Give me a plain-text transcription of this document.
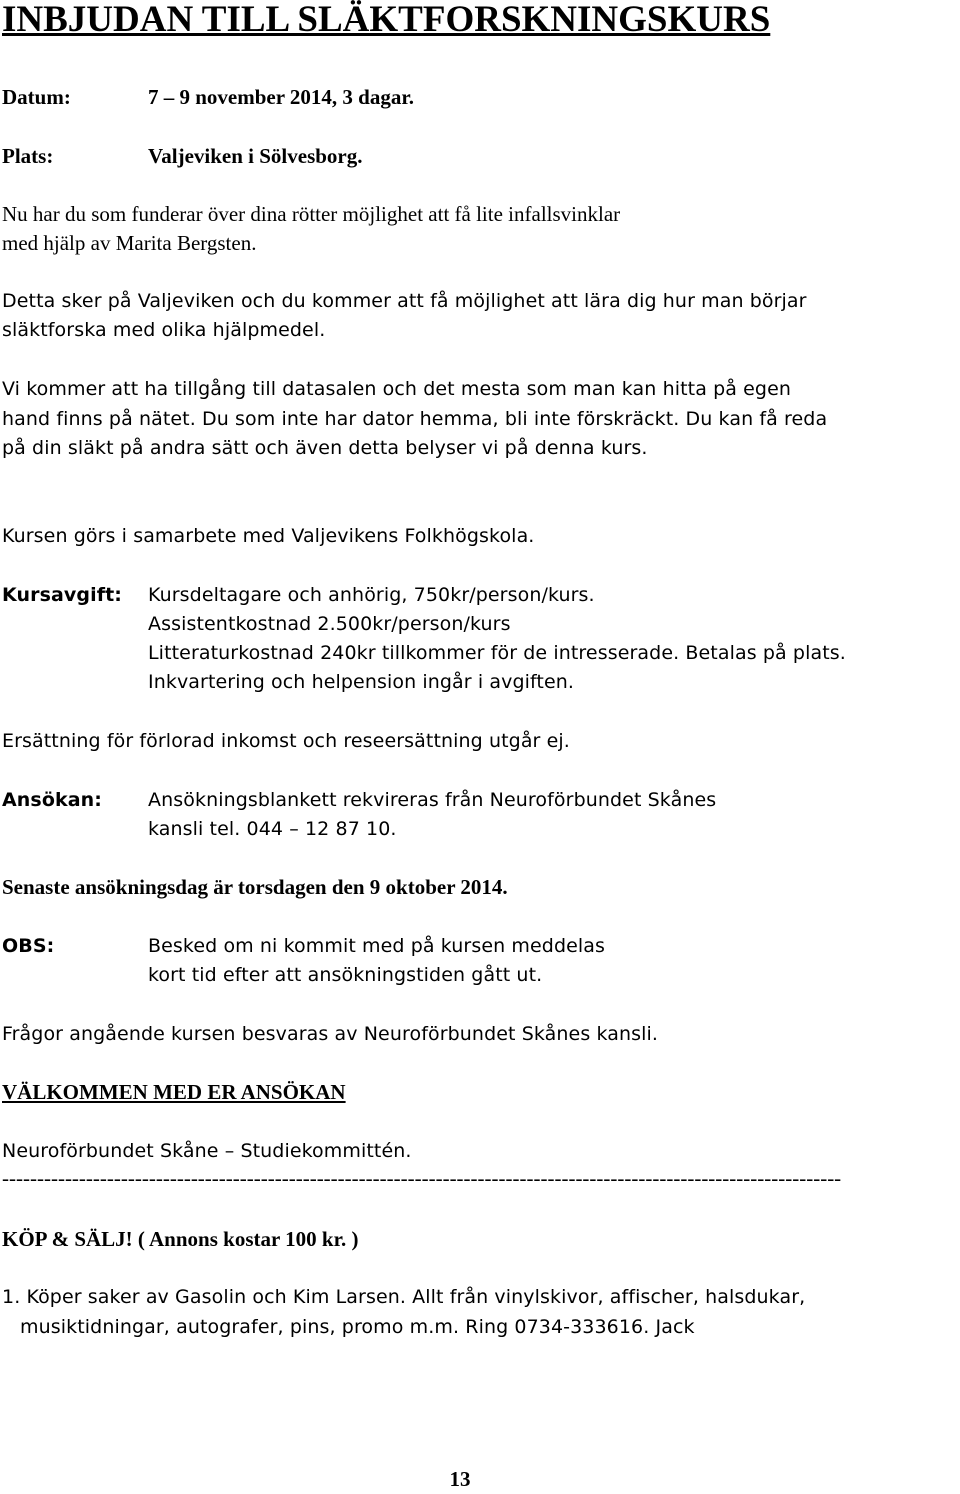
INBJUDAN TILL SLÄKTFORSKNINGSKURS
Datum:	7 – 9 november 2014, 3 dagar.
Plats:	Valjeviken i Sölvesborg.
Nu har du som funderar över dina rötter möjlighet att få lite infallsvinklar
med hjälp av Marita Bergsten.
Detta sker på Valjeviken och du kommer att få möjlighet att lära dig hur man börjar
släktforska med olika hjälpmedel.
Vi kommer att ha tillgång till datasalen och det mesta som man kan hitta på egen
hand finns på nätet. Du som inte har dator hemma, bli inte förskräckt. Du kan få reda
på din släkt på andra sätt och även detta belyser vi på denna kurs.
Kursen görs i samarbete med Valjevikens Folkhögskola.
Kursavgift: Kursdeltagare och anhörig, 750kr/person/kurs.
Assistentkostnad 2.500kr/person/kurs
Litteraturkostnad 240kr tillkommer för de intresserade. Betalas på plats.
Inkvartering och helpension ingår i avgiften.
Ersättning för förlorad inkomst och reseersättning utgår ej.
Ansökan: Ansökningsblankett rekvireras från Neuroförbundet Skånes
kansli tel. 044 – 12 87 10.
Senaste ansökningsdag är torsdagen den 9 oktober 2014.
OBS:	Besked om ni kommit med på kursen meddelas
kort tid efter att ansökningstiden gått ut.
Frågor angående kursen besvaras av Neuroförbundet Skånes kansli.
VÄLKOMMEN MED ER ANSÖKAN
Neuroförbundet Skåne – Studiekommittén.
------------------------------------------------------------------------------------------------------------------------
KÖP & SÄLJ! ( Annons kostar 100 kr. )
1. Köper saker av Gasolin och Kim Larsen. Allt från vinylskivor, affischer, halsdukar,
musiktidningar, autografer, pins, promo m.m. Ring 0734-333616. Jack
13
